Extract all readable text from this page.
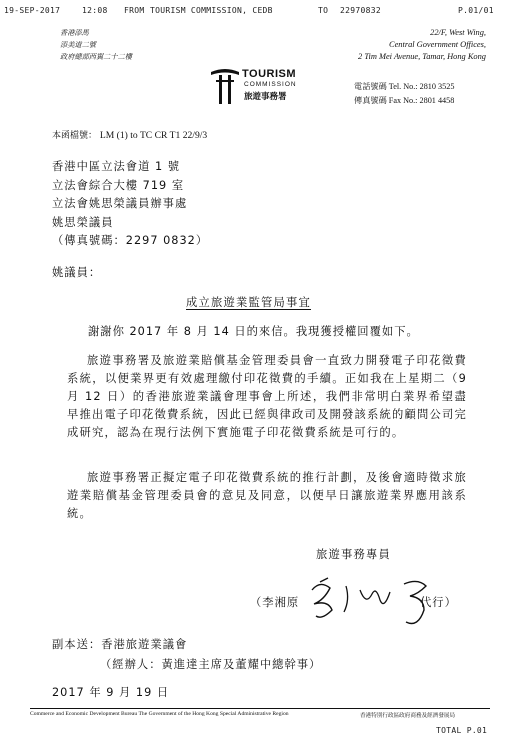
19-SEP-2017	12:08 FROM TOURISM COMMISSION, CEDB	TO 22970832	P.01/01
香港添馬
添美道二號
政府總部西翼二十二樓
22/F, West Wing,
Central Government Offices,
2 Tim Mei Avenue, Tamar, Hong Kong
TOURISM
COMMISSION
旅遊事務署
電話號碼 Tel. No.: 2810 3525
傳真號碼 Fax No.: 2801 4458
本函檔號： LM (1) to TC CR T1 22/9/3
香港中區立法會道 1 號
立法會綜合大樓 719 室
立法會姚思榮議員辦事處
姚思榮議員
（傳真號碼：2297 0832）
姚議員：
成立旅遊業監管局事宜
謝謝你 2017 年 8 月 14 日的來信。我現獲授權回覆如下。
旅遊事務署及旅遊業賠償基金管理委員會一直致力開發電子印花徵費系統，以便業界更有效處理繳付印花徵費的手續。正如我在上星期二（9 月 12 日）的香港旅遊業議會理事會上所述，我們非常明白業界希望盡早推出電子印花徵費系統，因此已經與律政司及開發該系統的顧問公司完成研究，認為在現行法例下實施電子印花徵費系統是可行的。
旅遊事務署正擬定電子印花徵費系統的推行計劃，及後會適時徵求旅遊業賠償基金管理委員會的意見及同意，以便早日讓旅遊業界應用該系統。
旅遊事務專員
（李湘原	代行）
副本送：香港旅遊業議會
（經辦人：黃進達主席及董耀中總幹事）
2017 年 9 月 19 日
Commerce and Economic Development Bureau The Government of the Hong Kong Special Administrative Region	香港特別行政區政府商務及經濟發展局
TOTAL P.01
